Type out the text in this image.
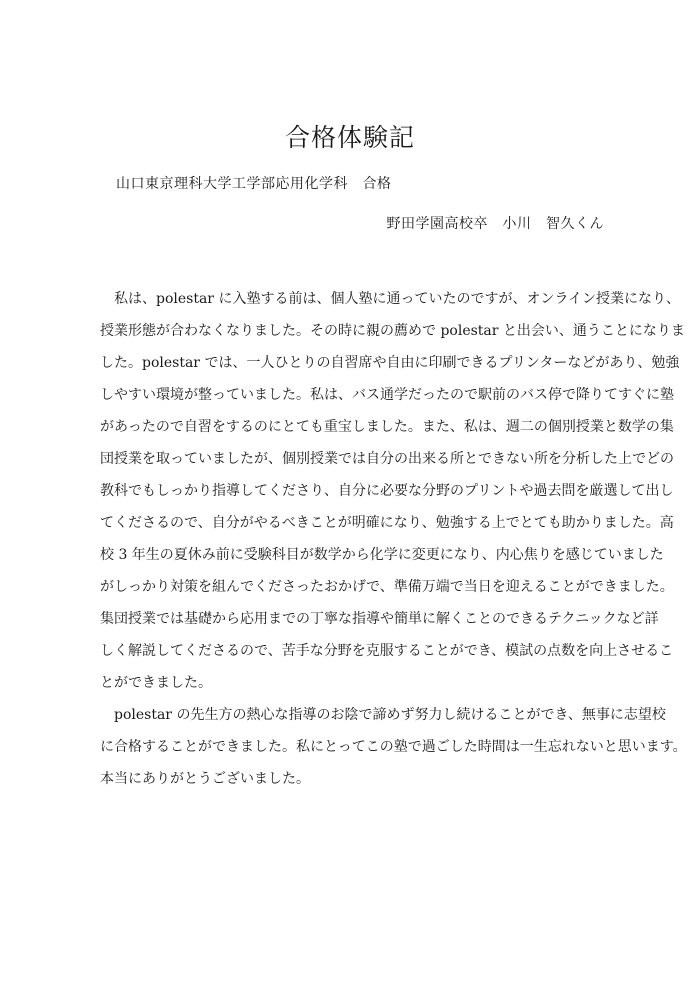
合格体験記
山口東京理科大学工学部応用化学科　合格
野田学園高校卒　小川　智久くん
　私は、polestar に入塾する前は、個人塾に通っていたのですが、オンライン授業になり、
授業形態が合わなくなりました。その時に親の薦めで polestar と出会い、通うことになりま
した。polestar では、一人ひとりの自習席や自由に印刷できるプリンターなどがあり、勉強
しやすい環境が整っていました。私は、バス通学だったので駅前のバス停で降りてすぐに塾
があったので自習をするのにとても重宝しました。また、私は、週二の個別授業と数学の集
団授業を取っていましたが、個別授業では自分の出来る所とできない所を分析した上でどの
教科でもしっかり指導してくださり、自分に必要な分野のプリントや過去問を厳選して出し
てくださるので、自分がやるべきことが明確になり、勉強する上でとても助かりました。高
校 3 年生の夏休み前に受験科目が数学から化学に変更になり、内心焦りを感じていました
がしっかり対策を組んでくださったおかげで、準備万端で当日を迎えることができました。
集団授業では基礎から応用までの丁寧な指導や簡単に解くことのできるテクニックなど詳
しく解説してくださるので、苦手な分野を克服することができ、模試の点数を向上させるこ
とができました。
　polestar の先生方の熱心な指導のお陰で諦めず努力し続けることができ、無事に志望校
に合格することができました。私にとってこの塾で過ごした時間は一生忘れないと思います。
本当にありがとうございました。
